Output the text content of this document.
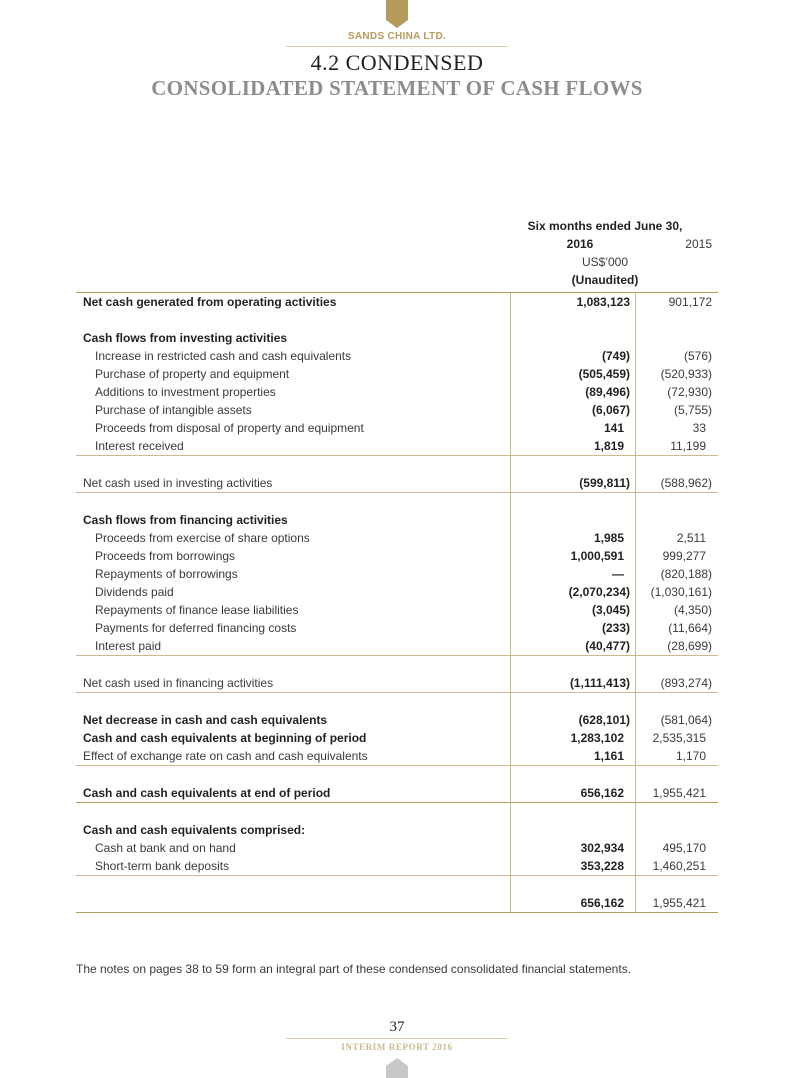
SANDS CHINA LTD.
4.2 CONDENSED
CONSOLIDATED STATEMENT OF CASH FLOWS
Six months ended June 30,
2016	2015
US$’000
(Unaudited)
Net cash generated from operating activities	1,083,123	901,172

Cash flows from investing activities		
Increase in restricted cash and cash equivalents	(749)	(576)
Purchase of property and equipment	(505,459)	(520,933)
Additions to investment properties	(89,496)	(72,930)
Purchase of intangible assets	(6,067)	(5,755)
Proceeds from disposal of property and equipment	141	33
Interest received	1,819	11,199

Net cash used in investing activities	(599,811)	(588,962)

Cash flows from financing activities		
Proceeds from exercise of share options	1,985	2,511
Proceeds from borrowings	1,000,591	999,277
Repayments of borrowings	—	(820,188)
Dividends paid	(2,070,234)	(1,030,161)
Repayments of finance lease liabilities	(3,045)	(4,350)
Payments for deferred financing costs	(233)	(11,664)
Interest paid	(40,477)	(28,699)

Net cash used in financing activities	(1,111,413)	(893,274)

Net decrease in cash and cash equivalents	(628,101)	(581,064)
Cash and cash equivalents at beginning of period	1,283,102	2,535,315
Effect of exchange rate on cash and cash equivalents	1,161	1,170

Cash and cash equivalents at end of period	656,162	1,955,421

Cash and cash equivalents comprised:		
Cash at bank and on hand	302,934	495,170
Short-term bank deposits	353,228	1,460,251

	656,162	1,955,421
The notes on pages 38 to 59 form an integral part of these condensed consolidated financial statements.
37
INTERIM REPORT 2016
